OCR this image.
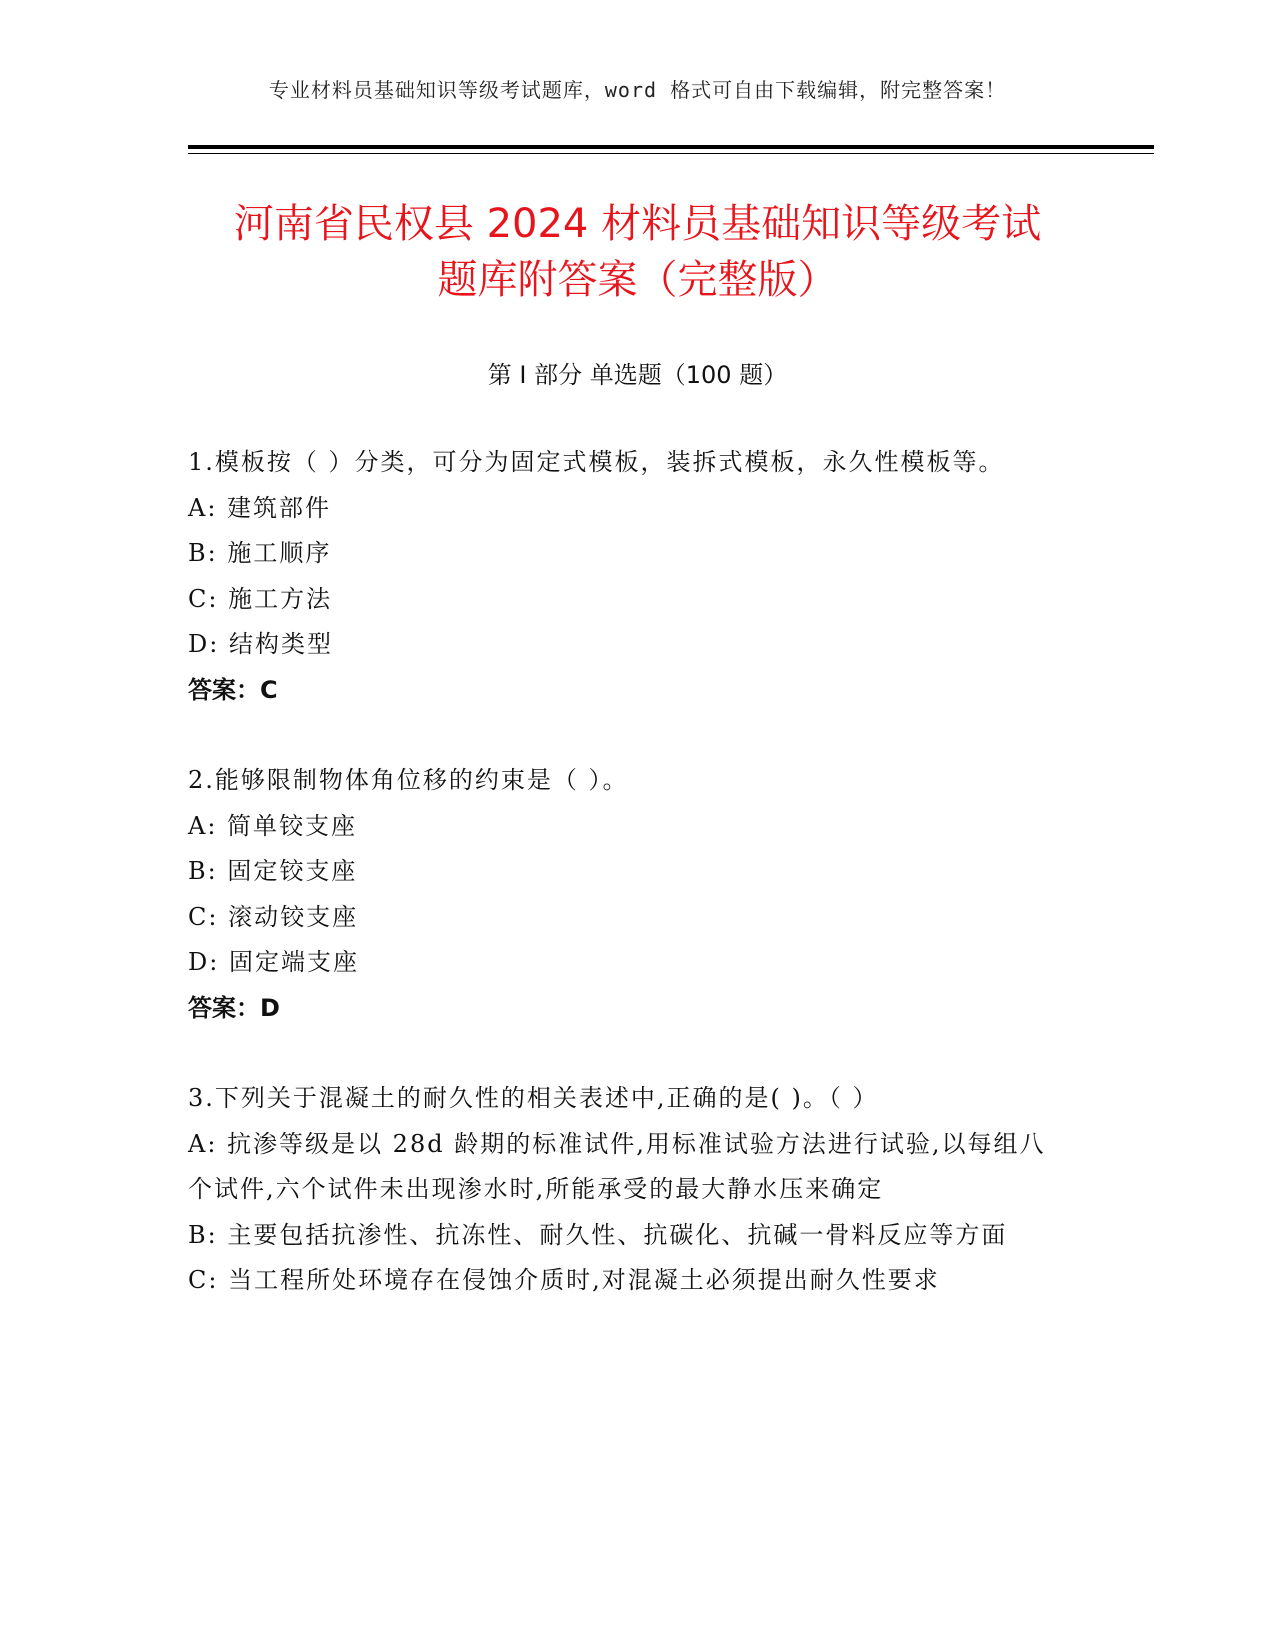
专业材料员基础知识等级考试题库，word 格式可自由下载编辑，附完整答案！
河南省民权县 2024 材料员基础知识等级考试
题库附答案（完整版）
第 I 部分 单选题（100 题）

1.模板按（ ）分类，可分为固定式模板，装拆式模板，永久性模板等。

A: 建筑部件

B: 施工顺序

C: 施工方法

D: 结构类型

答案：C

2.能够限制物体角位移的约束是（ ）。

A: 简单铰支座

B: 固定铰支座

C: 滚动铰支座

D: 固定端支座

答案：D

3.下列关于混凝土的耐久性的相关表述中,正确的是( )。（ ）

A: 抗渗等级是以 28d 龄期的标准试件,用标准试验方法进行试验,以每组八个试件,六个试件未出现渗水时,所能承受的最大静水压来确定

B: 主要包括抗渗性、抗冻性、耐久性、抗碳化、抗碱一骨料反应等方面

C: 当工程所处环境存在侵蚀介质时,对混凝土必须提出耐久性要求
